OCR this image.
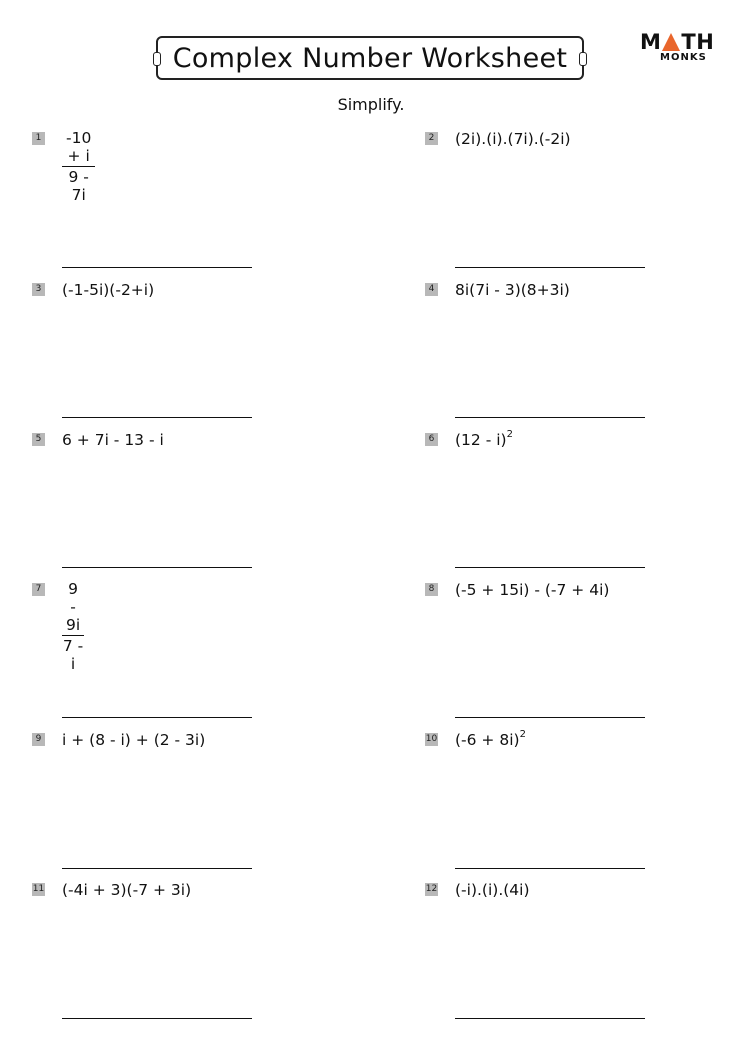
Complex Number Worksheet
M TH
MONKS
Simplify.
$1 \frac{-10 + i}{9 - 7i}$	2 (2i).(i).(7i).(-2i)
3 (-1-5i)(-2+i)	4 8i(7i - 3)(8+3i)
5 6 + 7i - 13 - i	6 (12 - i)$^2$
$7 \frac{9 - 9i}{7 - i}$	8 (-5 + 15i) - (-7 + 4i)
9 i + (8 - i) + (2 - 3i)	10 $(-6 + 8i)^2$
11 (-4i + 3)(-7 + 3i)	12 (-i).(i).(4i)
